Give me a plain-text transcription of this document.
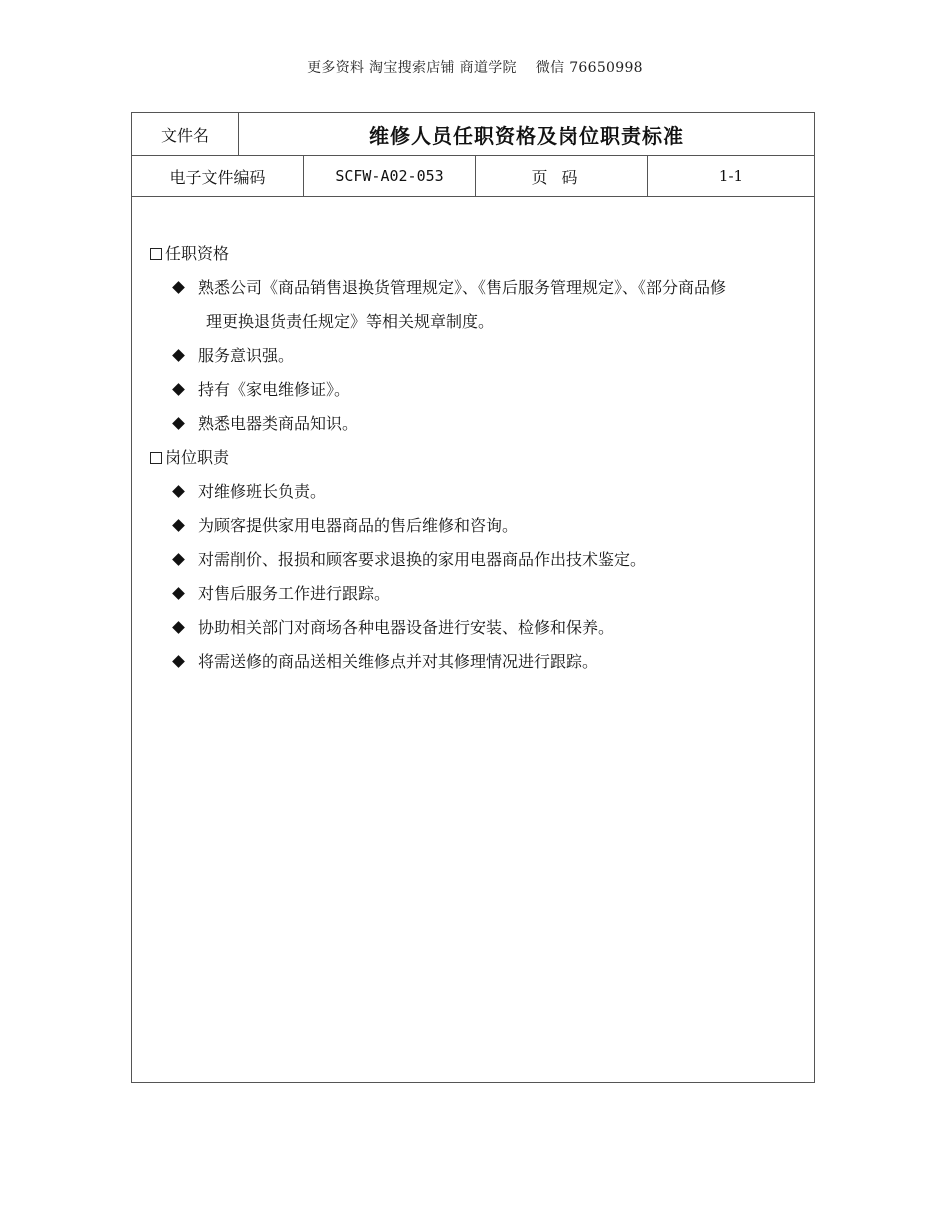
更多资料 淘宝搜索店铺 商道学院　 微信 76650998
文件名	维修人员任职资格及岗位职责标准
电子文件编码	SCFW-A02-053	页码	1-1
任职资格
熟悉公司《商品销售退换货管理规定》、《售后服务管理规定》、《部分商品修
理更换退货责任规定》等相关规章制度。
服务意识强。
持有《家电维修证》。
熟悉电器类商品知识。
岗位职责
对维修班长负责。
为顾客提供家用电器商品的售后维修和咨询。
对需削价、报损和顾客要求退换的家用电器商品作出技术鉴定。
对售后服务工作进行跟踪。
协助相关部门对商场各种电器设备进行安装、检修和保养。
将需送修的商品送相关维修点并对其修理情况进行跟踪。
